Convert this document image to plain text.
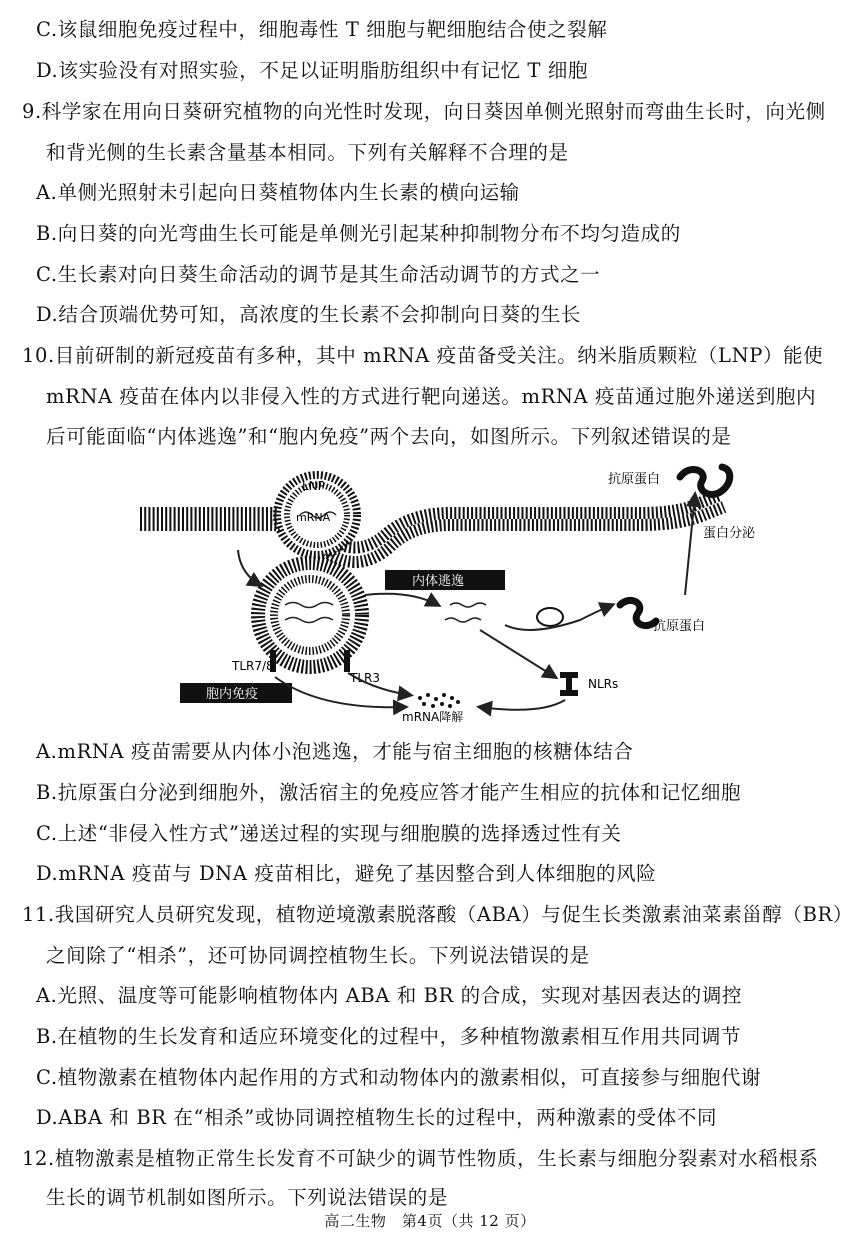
C.该鼠细胞免疫过程中，细胞毒性 T 细胞与靶细胞结合使之裂解
D.该实验没有对照实验，不足以证明脂肪组织中有记忆 T 细胞
9.科学家在用向日葵研究植物的向光性时发现，向日葵因单侧光照射而弯曲生长时，向光侧
和背光侧的生长素含量基本相同。下列有关解释不合理的是
A.单侧光照射未引起向日葵植物体内生长素的横向运输
B.向日葵的向光弯曲生长可能是单侧光引起某种抑制物分布不均匀造成的
C.生长素对向日葵生命活动的调节是其生命活动调节的方式之一
D.结合顶端优势可知，高浓度的生长素不会抑制向日葵的生长
10.目前研制的新冠疫苗有多种，其中 mRNA 疫苗备受关注。纳米脂质颗粒（LNP）能使
mRNA 疫苗在体内以非侵入性的方式进行靶向递送。mRNA 疫苗通过胞外递送到胞内
后可能面临“内体逃逸”和“胞内免疫”两个去向，如图所示。下列叙述错误的是
LNP
mRNA
内体逃逸
抗原蛋白
蛋白分泌
抗原蛋白
NLRs
TLR7/8
TLR3
胞内免疫
mRNA降解
A.mRNA 疫苗需要从内体小泡逃逸，才能与宿主细胞的核糖体结合
B.抗原蛋白分泌到细胞外，激活宿主的免疫应答才能产生相应的抗体和记忆细胞
C.上述“非侵入性方式”递送过程的实现与细胞膜的选择透过性有关
D.mRNA 疫苗与 DNA 疫苗相比，避免了基因整合到人体细胞的风险
11.我国研究人员研究发现，植物逆境激素脱落酸（ABA）与促生长类激素油菜素甾醇（BR）
之间除了“相杀”，还可协同调控植物生长。下列说法错误的是
A.光照、温度等可能影响植物体内 ABA 和 BR 的合成，实现对基因表达的调控
B.在植物的生长发育和适应环境变化的过程中，多种植物激素相互作用共同调节
C.植物激素在植物体内起作用的方式和动物体内的激素相似，可直接参与细胞代谢
D.ABA 和 BR 在“相杀”或协同调控植物生长的过程中，两种激素的受体不同
12.植物激素是植物正常生长发育不可缺少的调节性物质，生长素与细胞分裂素对水稻根系
生长的调节机制如图所示。下列说法错误的是
高二生物　第4页（共 12 页）
